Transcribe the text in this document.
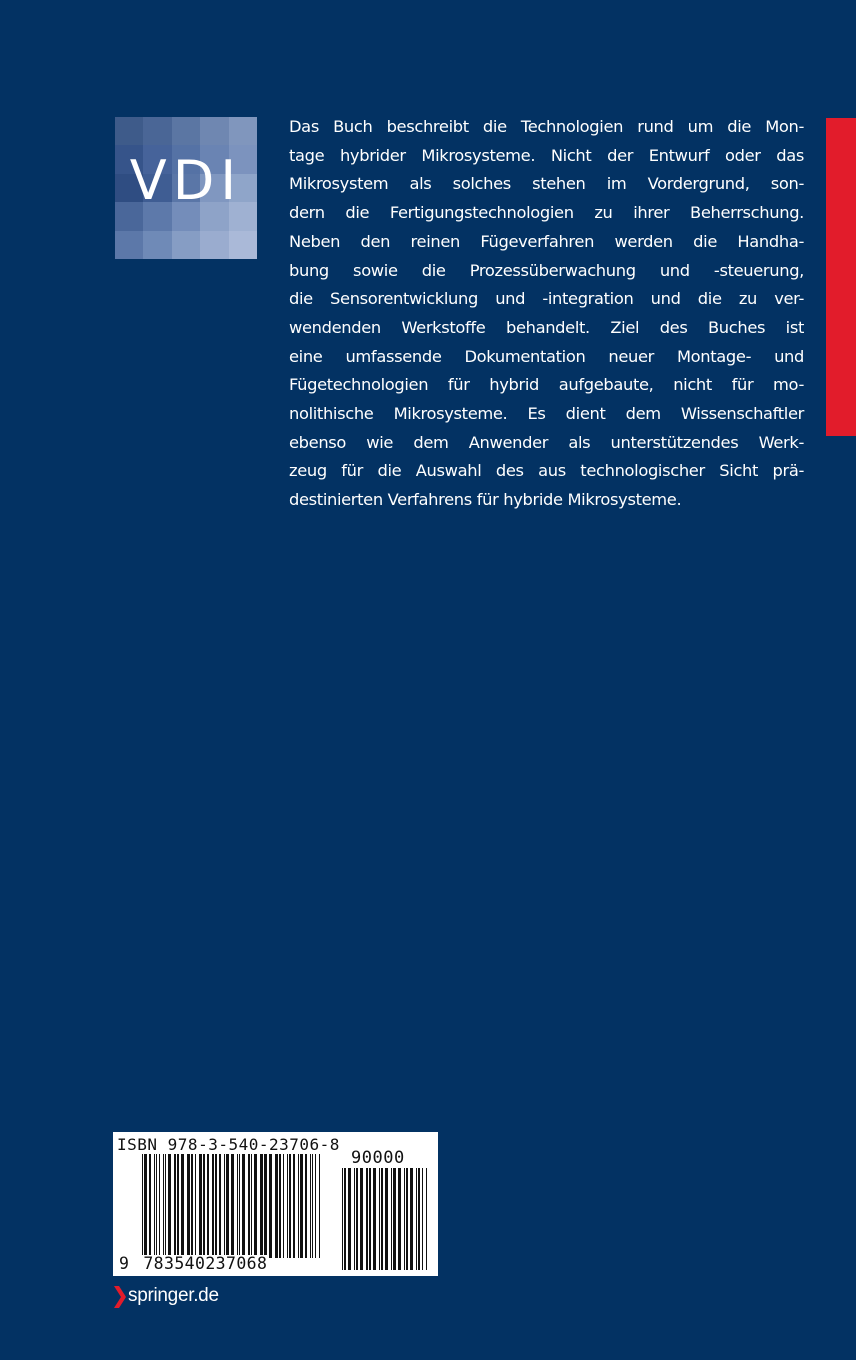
VDI
Das Buch beschreibt die Technologien rund um die Mon-
tage hybrider Mikrosysteme. Nicht der Entwurf oder das
Mikrosystem als solches stehen im Vordergrund, son-
dern die Fertigungstechnologien zu ihrer Beherrschung.
Neben den reinen Fügeverfahren werden die Handha-
bung sowie die Prozessüberwachung und -steuerung,
die Sensorentwicklung und -integration und die zu ver-
wendenden Werkstoffe behandelt. Ziel des Buches ist
eine umfassende Dokumentation neuer Montage- und
Fügetechnologien für hybrid aufgebaute, nicht für mo-
nolithische Mikrosysteme. Es dient dem Wissenschaftler
ebenso wie dem Anwender als unterstützendes Werk-
zeug für die Auswahl des aus technologischer Sicht prä-
destinierten Verfahrens für hybride Mikrosysteme.
ISBN 978-3-540-23706-8
90000
9 783540237068
springer.de
